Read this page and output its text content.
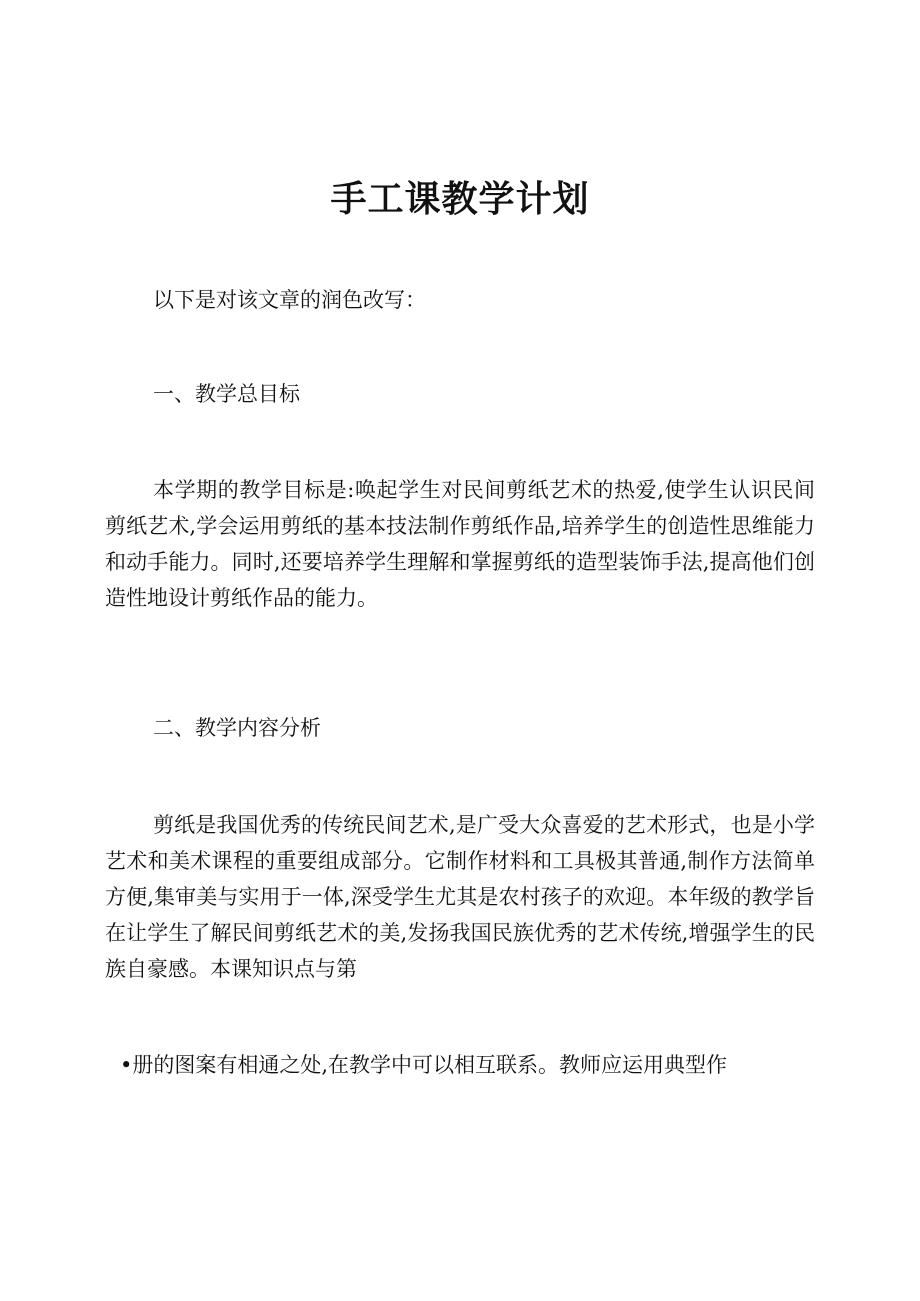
手工课教学计划
以下是对该文章的润色改写：
一、教学总目标

本学期的教学目标是:唤起学生对民间剪纸艺术的热爱,使学生认识民间剪纸艺术,学会运用剪纸的基本技法制作剪纸作品,培养学生的创造性思维能力和动手能力。同时,还要培养学生理解和掌握剪纸的造型装饰手法,提高他们创造性地设计剪纸作品的能力。

二、教学内容分析

剪纸是我国优秀的传统民间艺术,是广受大众喜爱的艺术形式，也是小学艺术和美术课程的重要组成部分。它制作材料和工具极其普通,制作方法简单方便,集审美与实用于一体,深受学生尤其是农村孩子的欢迎。本年级的教学旨在让学生了解民间剪纸艺术的美,发扬我国民族优秀的艺术传统,增强学生的民族自豪感。本课知识点与第

•册的图案有相通之处,在教学中可以相互联系。教师应运用典型作
